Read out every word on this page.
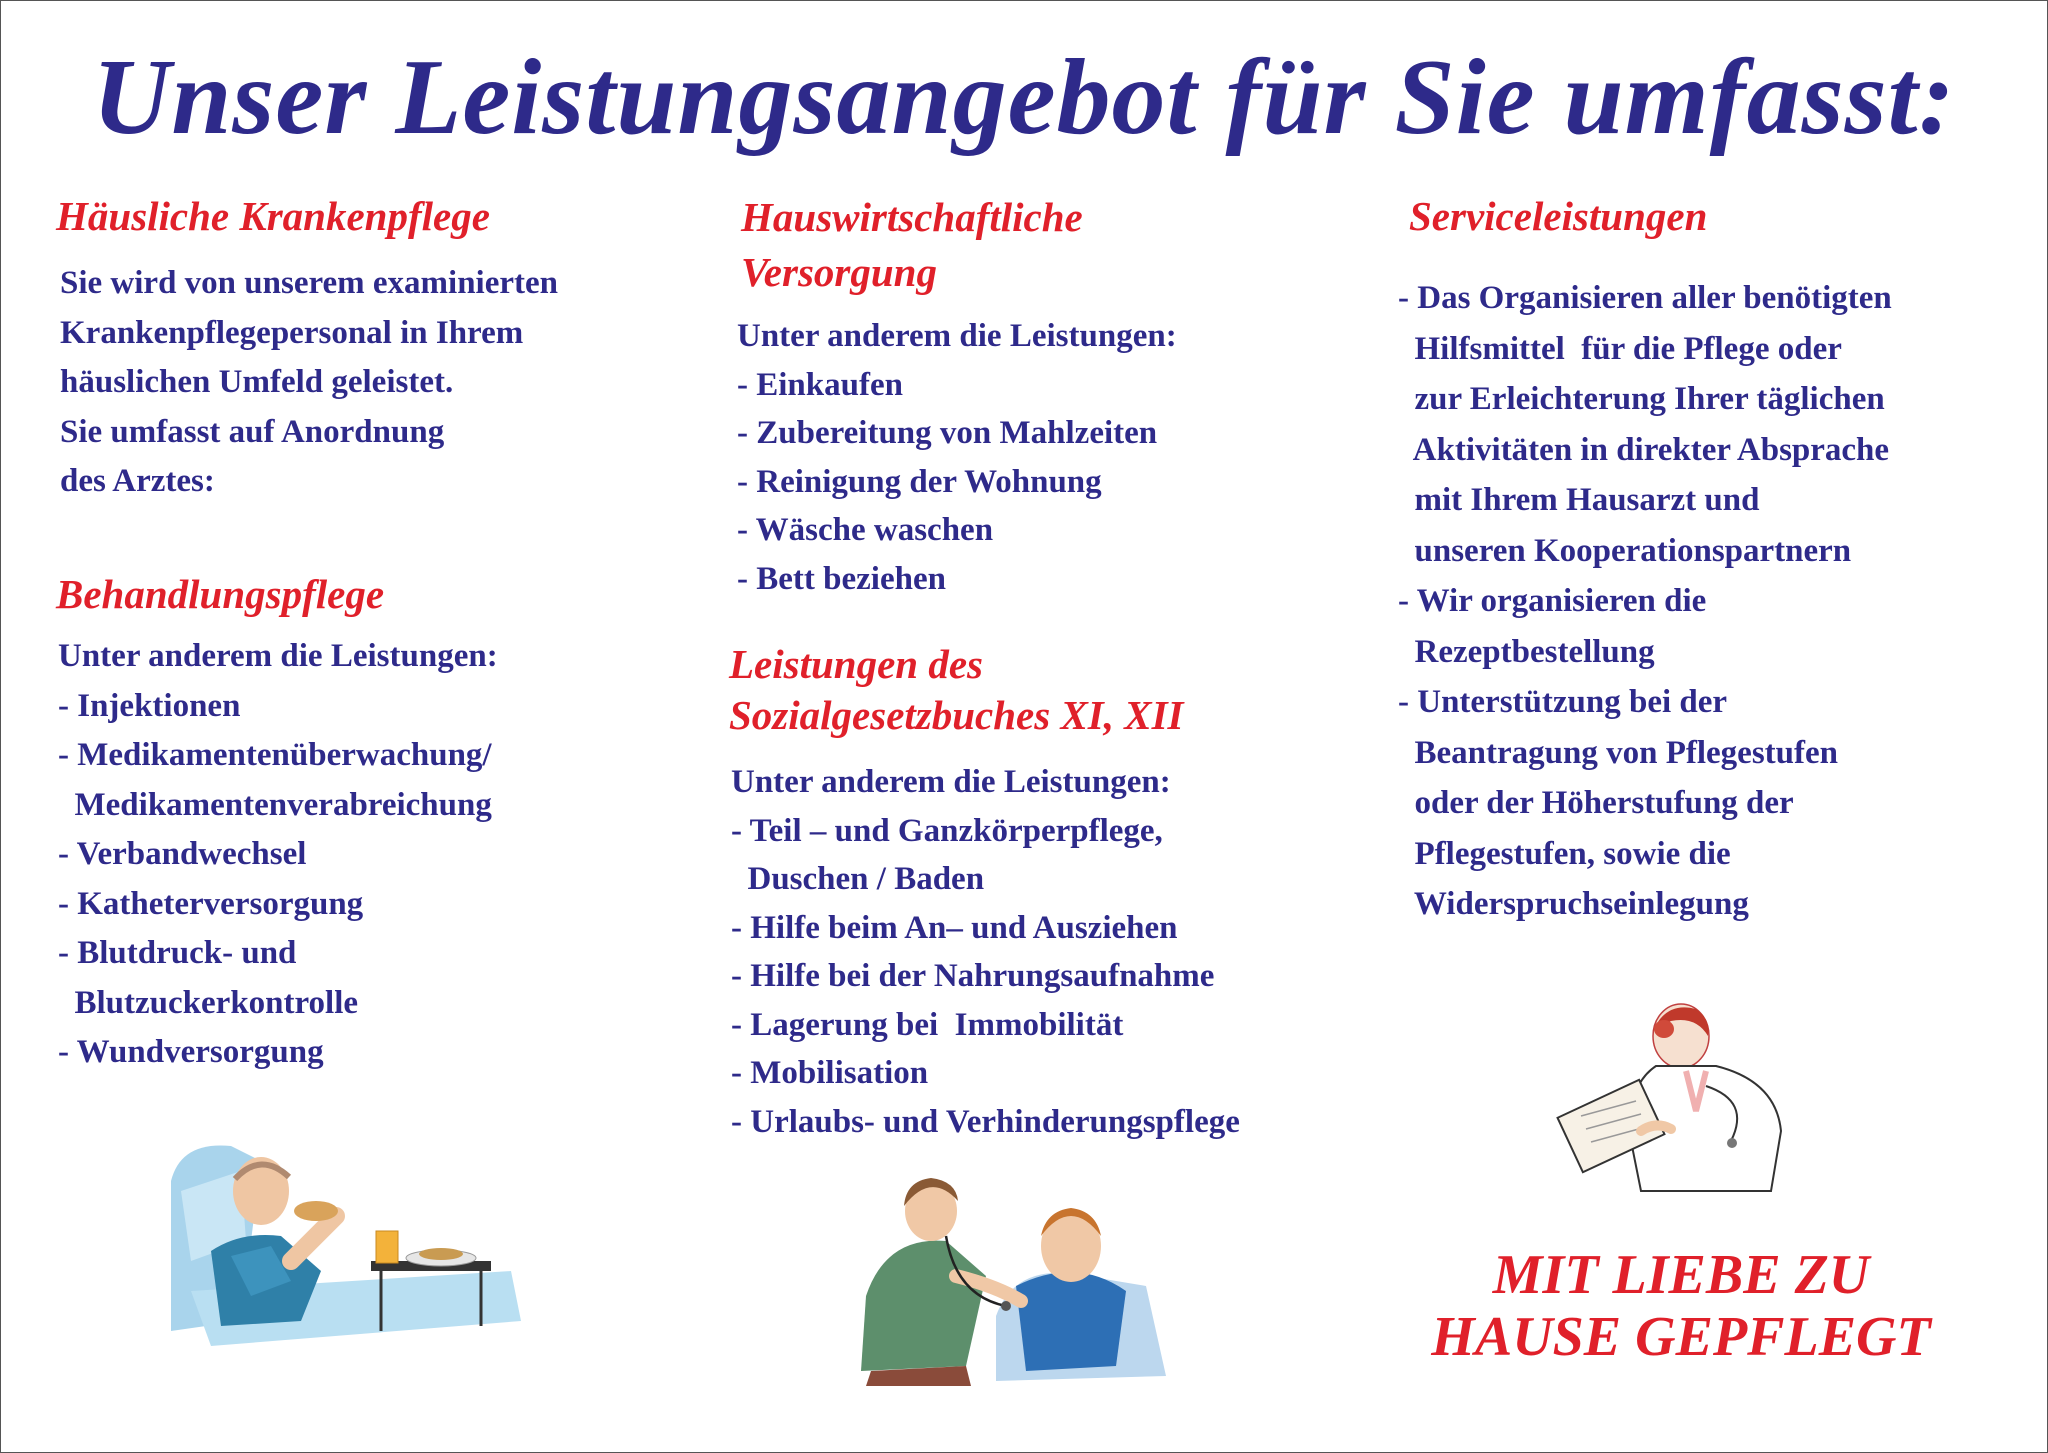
Unser Leistungsangebot für Sie umfasst:
Häusliche Krankenpflege

Sie wird von unserem examinierten
Krankenpflegepersonal in Ihrem
häuslichen Umfeld geleistet.
Sie umfasst auf Anordnung
des Arztes:

Behandlungspflege

Unter anderem die Leistungen:
- Injektionen
- Medikamentenüberwachung/
Medikamentenverabreichung
- Verbandwechsel
- Katheterversorgung
- Blutdruck- und
Blutzuckerkontrolle
- Wundversorgung

Hauswirtschaftliche
Versorgung

Unter anderem die Leistungen:
- Einkaufen
- Zubereitung von Mahlzeiten
- Reinigung der Wohnung
- Wäsche waschen
- Bett beziehen

Leistungen des
Sozialgesetzbuches XI, XII

Unter anderem die Leistungen:
- Teil – und Ganzkörperpflege,
Duschen / Baden
- Hilfe beim An– und Ausziehen
- Hilfe bei der Nahrungsaufnahme
- Lagerung bei  Immobilität
- Mobilisation
- Urlaubs- und Verhinderungspflege

Serviceleistungen

- Das Organisieren aller benötigten
Hilfsmittel  für die Pflege oder
zur Erleichterung Ihrer täglichen
Aktivitäten in direkter Absprache
mit Ihrem Hausarzt und
unseren Kooperationspartnern
- Wir organisieren die
Rezeptbestellung
- Unterstützung bei der
Beantragung von Pflegestufen
oder der Höherstufung der
Pflegestufen, sowie die
Widerspruchseinlegung

MIT LIEBE ZU
HAUSE GEPFLEGT
